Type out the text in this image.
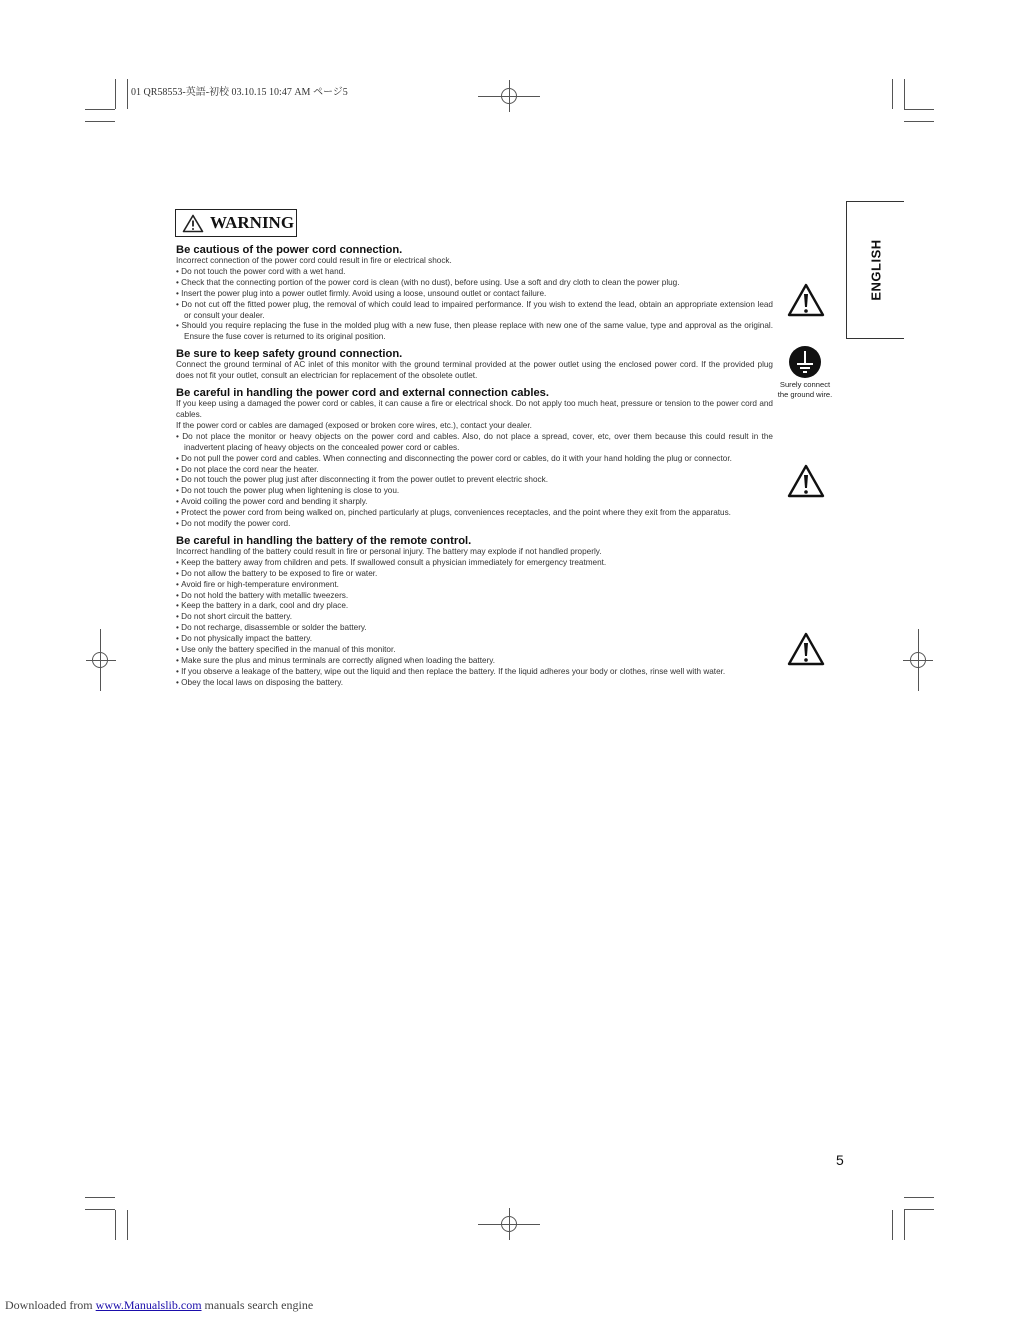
01 QR58553-英語-初校 03.10.15 10:47 AM ページ5
ENGLISH
WARNING
Be cautious of the power cord connection.

Incorrect connection of the power cord could result in fire or electrical shock.

• Do not touch the power cord with a wet hand.
• Check that the connecting portion of the power cord is clean (with no dust), before using. Use a soft and dry cloth to clean the power plug.
• Insert the power plug into a power outlet firmly. Avoid using a loose, unsound outlet or contact failure.
• Do not cut off the fitted power plug, the removal of which could lead to impaired performance. If you wish to extend the lead, obtain an appropriate extension lead or consult your dealer.
• Should you require replacing the fuse in the molded plug with a new fuse, then please replace with new one of the same value, type and approval as the original. Ensure the fuse cover is returned to its original position.
Be sure to keep safety ground connection.

Connect the ground terminal of AC inlet of this monitor with the ground terminal provided at the power outlet using the enclosed power cord. If the provided plug does not fit your outlet, consult an electrician for replacement of the obsolete outlet.

Be careful in handling the power cord and external connection cables.

If you keep using a damaged the power cord or cables, it can cause a fire or electrical shock. Do not apply too much heat, pressure or tension to the power cord and cables.

If the power cord or cables are damaged (exposed or broken core wires, etc.), contact your dealer.

• Do not place the monitor or heavy objects on the power cord and cables. Also, do not place a spread, cover, etc, over them because this could result in the inadvertent placing of heavy objects on the concealed power cord or cables.
• Do not pull the power cord and cables. When connecting and disconnecting the power cord or cables, do it with your hand holding the plug or connector.
• Do not place the cord near the heater.
• Do not touch the power plug just after disconnecting it from the power outlet to prevent electric shock.
• Do not touch the power plug when lightening is close to you.
• Avoid coiling the power cord and bending it sharply.
• Protect the power cord from being walked on, pinched particularly at plugs, conveniences receptacles, and the point where they exit from the apparatus.
• Do not modify the power cord.
Be careful in handling the battery of the remote control.

Incorrect handling of the battery could result in fire or personal injury. The battery may explode if not handled properly.

• Keep the battery away from children and pets. If swallowed consult a physician immediately for emergency treatment.
• Do not allow the battery to be exposed to fire or water.
• Avoid fire or high-temperature environment.
• Do not hold the battery with metallic tweezers.
• Keep the battery in a dark, cool and dry place.
• Do not short circuit the battery.
• Do not recharge, disassemble or solder the battery.
• Do not physically impact the battery.
• Use only the battery specified in the manual of this monitor.
• Make sure the plus and minus terminals are correctly aligned when loading the battery.
• If you observe a leakage of the battery, wipe out the liquid and then replace the battery. If the liquid adheres your body or clothes, rinse well with water.
• Obey the local laws on disposing the battery.
Surely connect
the ground wire.
5
Downloaded from www.Manualslib.com manuals search engine
